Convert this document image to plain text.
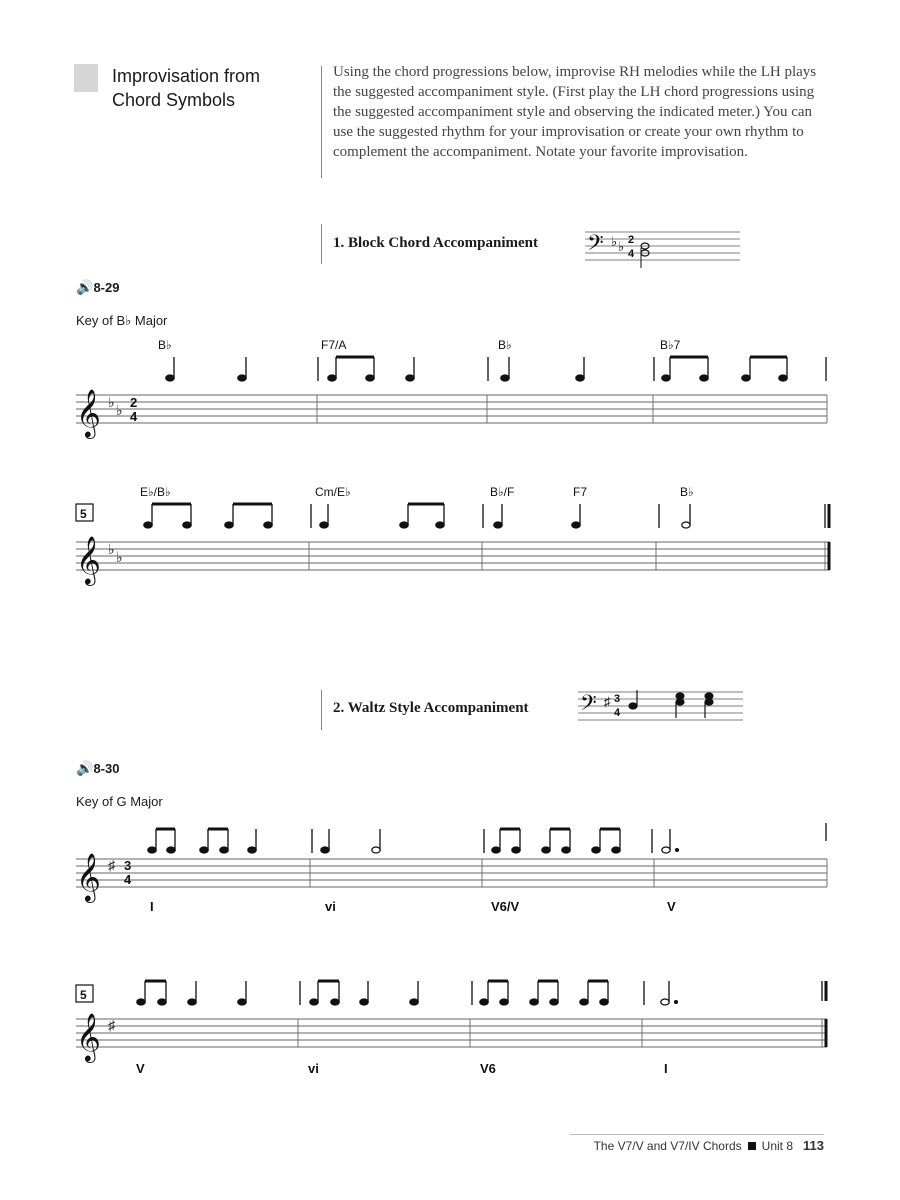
Improvisation from
Chord Symbols
Using the chord progressions below, improvise RH melodies while the LH plays the suggested accompaniment style. (First play the LH chord progressions using the suggested accompaniment style and observing the indicated meter.) You can use the suggested rhythm for your improvisation or create your own rhythm to complement the accompaniment. Notate your favorite improvisation.
1. Block Chord Accompaniment 𝄢 ♭ ♭ 2
4
🔊8-29
Key of B♭ Major
B♭	F7/A	B♭	B♭7
𝄞 ♭ ♭ 2
4
E♭/B♭	Cm/E♭	B♭/F	F7	B♭
5
𝄞 ♭ ♭
2. Waltz Style Accompaniment 𝄢 ♯ 3
4
🔊8-30
Key of G Major
𝄞 ♯ 3
4
I	vi	V6/V	V
5
𝄞 ♯
V	vi	V6	I
The V7/V and V7/IV Chords Unit 8 113
